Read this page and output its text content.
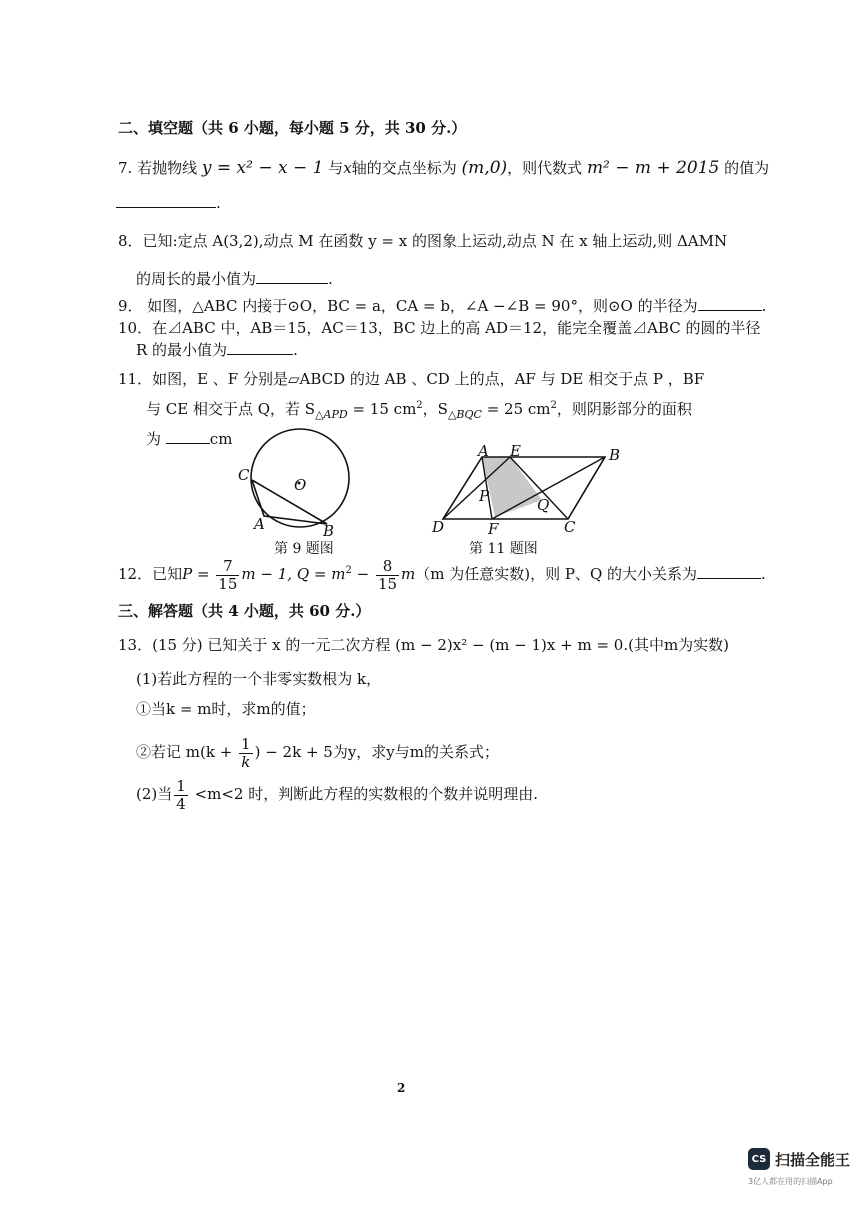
二、填空题（共 6 小题，每小题 5 分，共 30 分.）
7. 若抛物线 y = x² − x − 1 与x轴的交点坐标为 (m,0)，则代数式 m² − m + 2015 的值为
.
8．已知:定点 A(3,2),动点 M 在函数 y = x 的图象上运动,动点 N 在 x 轴上运动,则 ΔAMN
的周长的最小值为	.
9． 如图，△ABC 内接于⊙O，BC = a，CA = b，∠A −∠B = 90°，则⊙O 的半径为	.
10．在⊿ABC 中，AB＝15，AC＝13，BC 边上的高 AD＝12，能完全覆盖⊿ABC 的圆的半径
R 的最小值为	.
11．如图，E 、F 分别是▱ABCD 的边 AB 、CD 上的点，AF 与 DE 相交于点 P ，BF
与 CE 相交于点 Q，若 $S_{\triangle APD} = 15$ $cm^2$，$S_{\triangle BQC} = 25$ $cm^2$，则阴影部分的面积
为	cm
C
O
A	B
第 9 题图
A E	B
P	Q
D	F	C
第 11 题图
12．已知$P = \frac{7}{15}$ m − 1, $Q = m^2 - \frac{8}{15} m(m$ 为任意实数)，则 P、Q 的大小关系为	.
三、解答题（共 4 小题，共 60 分.）
13．(15 分) 已知关于 x 的一元二次方程 (m − 2)x² − (m − 1)x + m = 0.(其中m为实数)
(1)若此方程的一个非零实数根为 k，
①当k = m时，求m的值；
②若记 $m(k + \frac{1}{k}$ ) − 2k + 5为y，求y与m的关系式；
(2)当 $\frac{1}{4} <m<2$ 时，判断此方程的实数根的个数并说明理由.
2
CS 扫描全能王
3亿人都在用的扫描App
